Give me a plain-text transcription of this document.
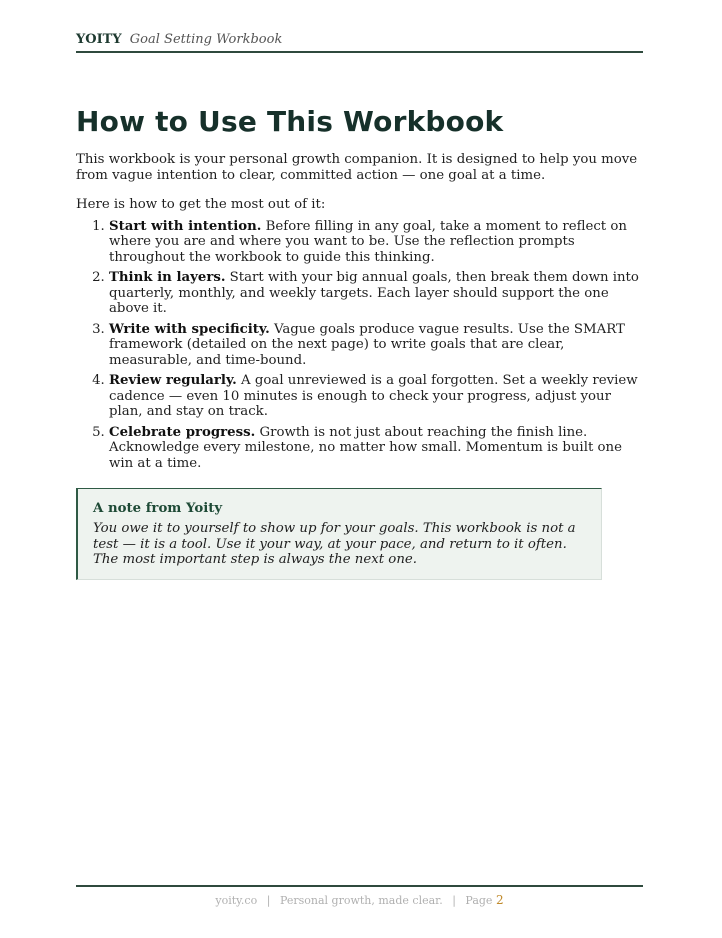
YOITY Goal Setting Workbook
How to Use This Workbook

This workbook is your personal growth companion. It is designed to help you move from vague intention to clear, committed action — one goal at a time.

Here is how to get the most out of it:

1. Start with intention. Before filling in any goal, take a moment to reflect on where you are and where you want to be. Use the reflection prompts throughout the workbook to guide this thinking.
2. Think in layers. Start with your big annual goals, then break them down into quarterly, monthly, and weekly targets. Each layer should support the one above it.
3. Write with specificity. Vague goals produce vague results. Use the SMART framework (detailed on the next page) to write goals that are clear, measurable, and time-bound.
4. Review regularly. A goal unreviewed is a goal forgotten. Set a weekly review cadence — even 10 minutes is enough to check your progress, adjust your plan, and stay on track.
5. Celebrate progress. Growth is not just about reaching the finish line. Acknowledge every milestone, no matter how small. Momentum is built one win at a time.
A note from Yoity
You owe it to yourself to show up for your goals. This workbook is not a test — it is a tool. Use it your way, at your pace, and return to it often. The most important step is always the next one.
yoity.co | Personal growth, made clear. | Page 2
